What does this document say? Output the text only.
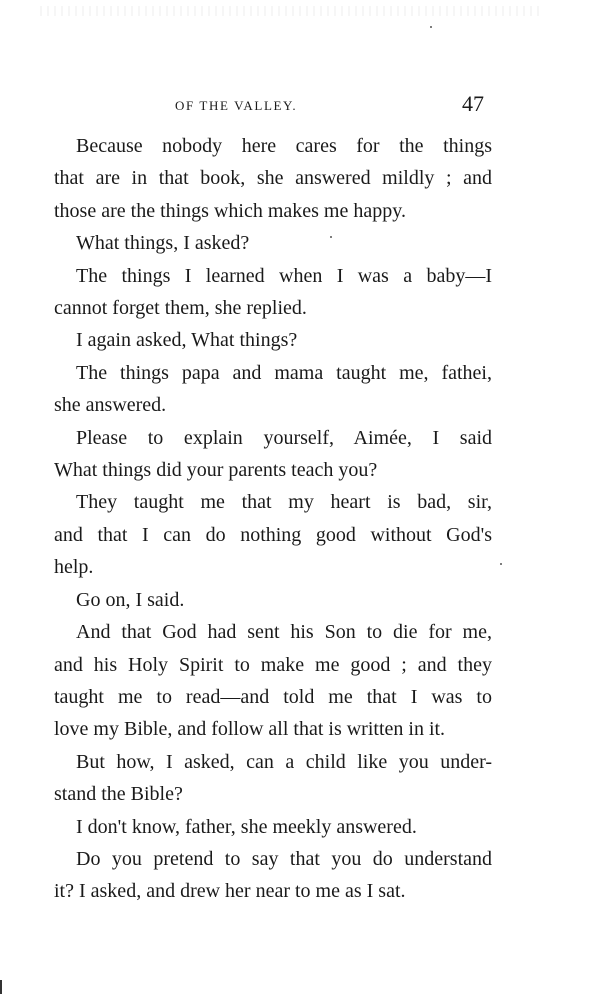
OF THE VALLEY.	47
Because nobody here cares for the things
that are in that book, she answered mildly ; and
those are the things which makes me happy.
What things, I asked?
The things I learned when I was a baby—I
cannot forget them, she replied.
I again asked, What things?
The things papa and mama taught me, fathei,
she answered.
Please to explain yourself, Aimée, I said
What things did your parents teach you?
They taught me that my heart is bad, sir,
and that I can do nothing good without God's
help.
Go on, I said.
And that God had sent his Son to die for me,
and his Holy Spirit to make me good ; and they
taught me to read—and told me that I was to
love my Bible, and follow all that is written in it.
But how, I asked, can a child like you under-
stand the Bible?
I don't know, father, she meekly answered.
Do you pretend to say that you do understand
it? I asked, and drew her near to me as I sat.
